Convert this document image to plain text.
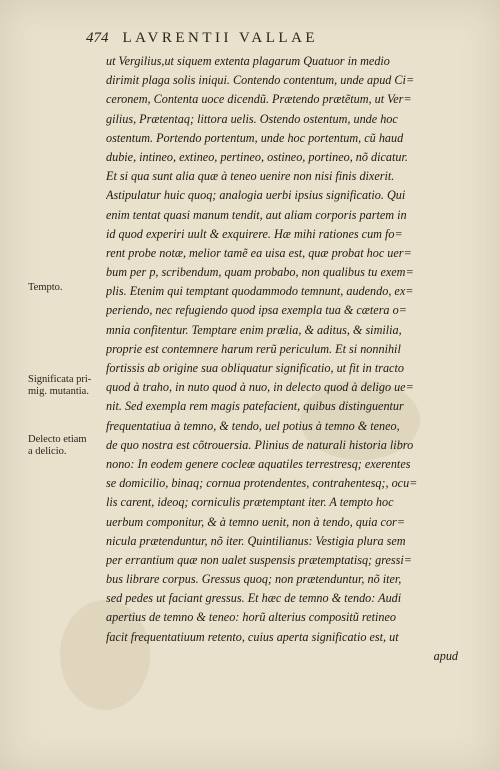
474 LAVRENTII VALLAE
Tempto.
Significata pri-
mig. mutantia.
Delecto etiam
a delicio.
ut Vergilius,ut siquem extenta plagarum Quatuor in medio
dirimit plaga solis iniqui. Contendo contentum, unde apud Ci=
ceronem, Contenta uoce dicendũ. Prætendo prætẽtum, ut Ver=
gilius, Prætentaq; littora uelis. Ostendo ostentum, unde hoc
ostentum. Portendo portentum, unde hoc portentum, cũ haud
dubie, intineo, extineo, pertineo, ostineo, portineo, nõ dicatur.
Et si qua sunt alia quæ à teneo uenire non nisi finis dixerit.
Astipulatur huic quoq; analogia uerbi ipsius significatio. Qui
enim tentat quasi manum tendit, aut aliam corporis partem in
id quod experiri uult & exquirere. Hæ mihi rationes cum fo=
rent probe notæ, melior tamẽ ea uisa est, quæ probat hoc uer=
bum per p, scribendum, quam probabo, non qualibus tu exem=
plis. Etenim qui temptant quodammodo temnunt, audendo, ex=
periendo, nec refugiendo quod ipsa exempla tua & cætera o=
mnia confitentur. Temptare enim prælia, & aditus, & similia,
proprie est contemnere harum rerũ periculum. Et si nonnihil
fortissis ab origine sua obliquatur significatio, ut fit in tracto
quod à traho, in nuto quod à nuo, in delecto quod à deligo ue=
nit. Sed exempla rem magis patefacient, quibus distinguentur
frequentatiua à temno, & tendo, uel potius à temno & teneo,
de quo nostra est cõtrouersia. Plinius de naturali historia libro
nono: In eodem genere cocleæ aquatiles terrestresq; exerentes
se domicilio, binaq; cornua protendentes, contrahentesq;, ocu=
lis carent, ideoq; corniculis prætemptant iter. A tempto hoc
uerbum componitur, & à temno uenit, non à tendo, quia cor=
nicula prætenduntur, nõ iter. Quintilianus: Vestigia plura sem
per errantium quæ non ualet suspensis prætemptatisq; gressi=
bus librare corpus. Gressus quoq; non prætenduntur, nõ iter,
sed pedes ut faciant gressus. Et hæc de temno & tendo: Audi
apertius de temno & teneo: horũ alterius compositũ retineo
facit frequentatiuum retento, cuius aperta significatio est, ut
apud
